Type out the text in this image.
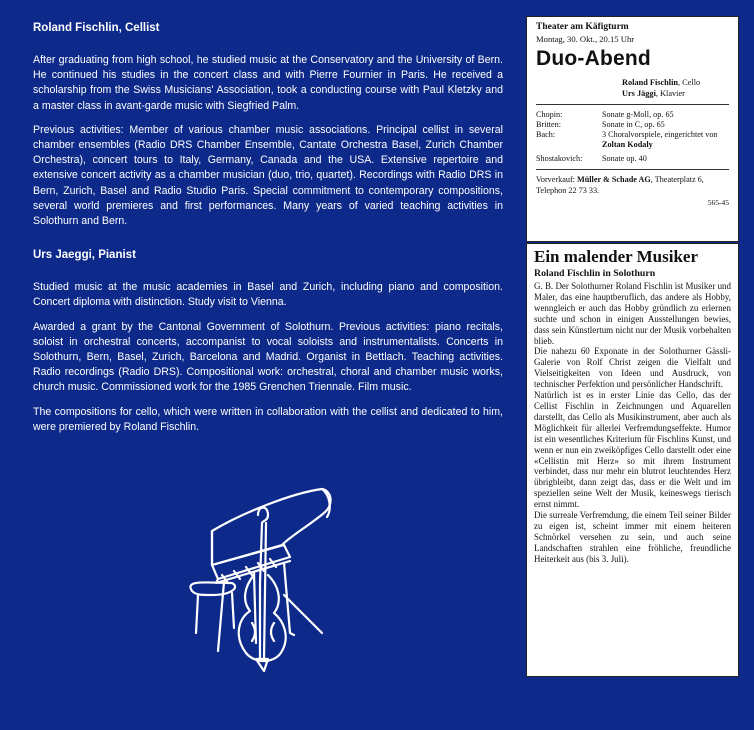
Roland Fischlin, Cellist

After graduating from high school, he studied music at the Conservatory and the University of Bern. He continued his studies in the concert class and with Pierre Fournier in Paris. He received a scholarship from the Swiss Musicians' Association, took a conducting course with Paul Kletzky and a master class in avant-garde music with Siegfried Palm.

Previous activities: Member of various chamber music associations. Principal cellist in several chamber ensembles (Radio DRS Chamber Ensemble, Cantate Orchestra Basel, Zurich Chamber Orchestra), concert tours to Italy, Germany, Canada and the USA. Extensive repertoire and extensive concert activity as a chamber musician (duo, trio, quartet). Recordings with Radio DRS in Bern, Zurich, Basel and Radio Studio Paris. Special commitment to contemporary compositions, several world premieres and first performances. Many years of varied teaching activities in Solothurn and Bern.

Urs Jaeggi, Pianist

Studied music at the music academies in Basel and Zurich, including piano and composition. Concert diploma with distinction. Study visit to Vienna.

Awarded a grant by the Cantonal Government of Solothurn. Previous activities: piano recitals, soloist in orchestral concerts, accompanist to vocal soloists and instrumentalists. Concerts in Solothurn, Bern, Basel, Zurich, Barcelona and Madrid. Organist in Bettlach. Teaching activities. Radio recordings (Radio DRS). Compositional work: orchestral, choral and chamber music works, church music. Commissioned work for the 1985 Grenchen Triennale. Film music.

The compositions for cello, which were written in collaboration with the cellist and dedicated to him, were premiered by Roland Fischlin.

Theater am Käfigturm
Montag, 30. Okt., 20.15 Uhr
Duo-Abend
Roland Fischlin, Cello
Urs Jäggi, Klavier
Chopin:	Sonate g-Moll, op. 65
Britten:	Sonate in C, op. 65
Bach:	3 Choralvorspiele, eingerichtet von
	Zoltan Kodaly
Shostakovich:	Sonate op. 40
Vorverkauf: Müller & Schade AG, Theaterplatz 6, Telephon 22 73 33.
565-45
Ein malender Musiker
Roland Fischlin in Solothurn

G. B. Der Solothurner Roland Fischlin ist Musiker und Maler, das eine hauptberuflich, das andere als Hobby, wenngleich er auch das Hobby gründlich zu erlernen suchte und schon in einigen Ausstellungen bewies, dass sein Künstlertum nicht nur der Musik vorbehalten blieb.

Die nahezu 60 Exponate in der Solothurner Gässli-Galerie von Rolf Christ zeigen die Vielfalt und Vielseitigkeiten von Ideen und Ausdruck, von technischer Perfektion und persönlicher Handschrift.

Natürlich ist es in erster Linie das Cello, das der Cellist Fischlin in Zeichnungen und Aquarellen darstellt, das Cello als Musikinstrument, aber auch als Möglichkeit für allerlei Verfremdungseffekte. Humor ist ein wesentliches Kriterium für Fischlins Kunst, und wenn er nun ein zweiköpfiges Cello darstellt oder eine «Cellistin mit Herz» so mit ihrem Instrument verbindet, dass nur mehr ein blutrot leuchtendes Herz übrigbleibt, dann zeigt das, dass er die Welt und im speziellen seine Welt der Musik, keineswegs tierisch ernst nimmt.

Die surreale Verfremdung, die einem Teil seiner Bilder zu eigen ist, scheint immer mit einem heiteren Schnörkel versehen zu sein, und auch seine Landschaften strahlen eine fröhliche, freundliche Heiterkeit aus (bis 3. Juli).
